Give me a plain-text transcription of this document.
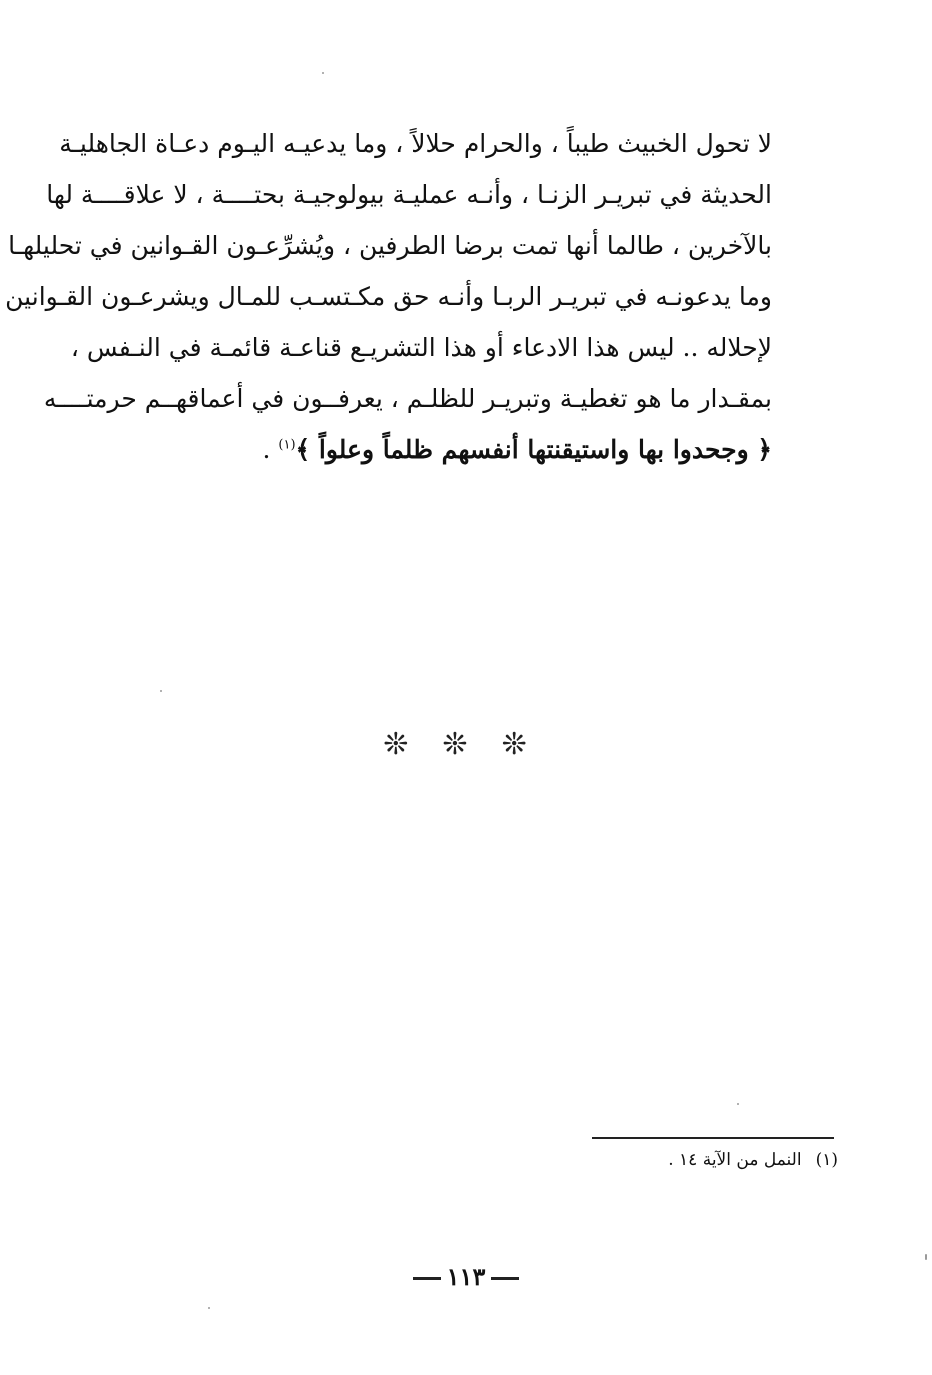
لا تحول الخبيث طيباً ، والحرام حلالاً ، وما يدعيـه اليـوم دعـاة الجاهليـة
الحديثة في تبريـر الزنـا ، وأنـه عمليـة بيولوجيـة بحتــــة ، لا علاقــــة لها
بالآخرين ، طالما أنها تمت برضا الطرفين ، ويُشرِّعـون القـوانين في تحليلهـا
وما يدعونـه في تبريـر الربـا وأنـه حق مكـتسـب للمـال ويشرعـون القـوانين
لإحلاله .. ليس هذا الادعاء أو هذا التشريـع قناعـة قائمـة في النـفس ،
بمقـدار ما هو تغطيـة وتبريـر للظلـم ، يعرفــون في أعماقهــم حرمتــــه
﴿ وجحدوا بها واستيقنتها أنفسهم ظلماً وعلواً ﴾$^{(١)}$ .
❊ ❊ ❊
(١)النمل من الآية ١٤ .
١١٣
